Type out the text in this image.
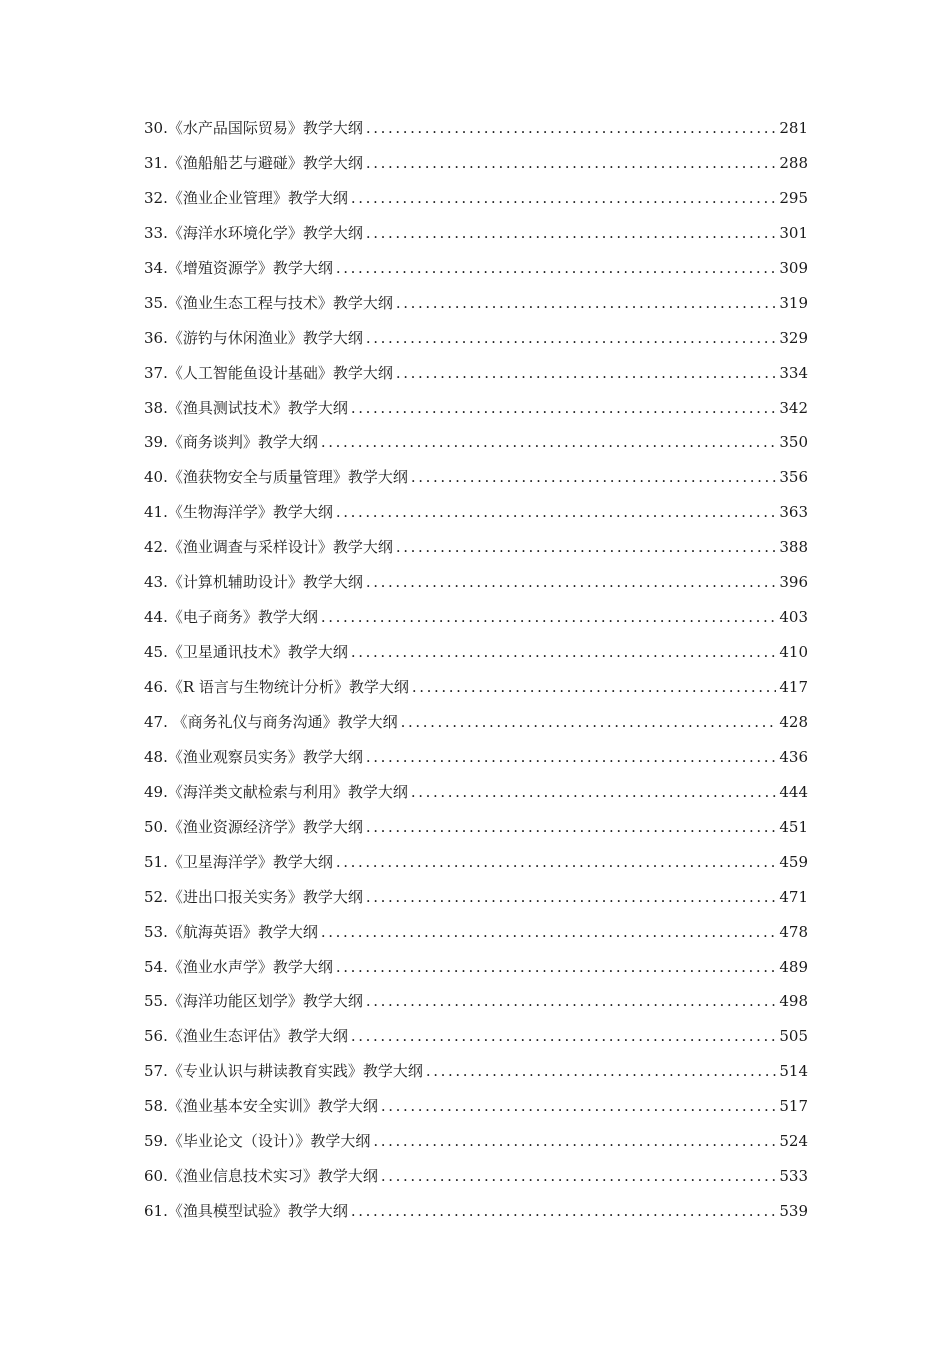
30.《水产品国际贸易》教学大纲 .....	281
31.《渔船船艺与避碰》教学大纲 .....	288
32.《渔业企业管理》教学大纲 .....	295
33.《海洋水环境化学》教学大纲 .....	301
34.《增殖资源学》教学大纲 .....	309
35.《渔业生态工程与技术》教学大纲 .....	319
36.《游钓与休闲渔业》教学大纲 .....	329
37.《人工智能鱼设计基础》教学大纲 .....	334
38.《渔具测试技术》教学大纲 .....	342
39.《商务谈判》教学大纲 .....	350
40.《渔获物安全与质量管理》教学大纲 .....	356
41.《生物海洋学》教学大纲 .....	363
42.《渔业调查与采样设计》教学大纲 .....	388
43.《计算机辅助设计》教学大纲 .....	396
44.《电子商务》教学大纲 .....	403
45.《卫星通讯技术》教学大纲 .....	410
46.《R 语言与生物统计分析》教学大纲 .....	417
47. 《商务礼仪与商务沟通》教学大纲 .....	428
48.《渔业观察员实务》教学大纲 .....	436
49.《海洋类文献检索与利用》教学大纲 .....	444
50.《渔业资源经济学》教学大纲 .....	451
51.《卫星海洋学》教学大纲 .....	459
52.《进出口报关实务》教学大纲 .....	471
53.《航海英语》教学大纲 .....	478
54.《渔业水声学》教学大纲 .....	489
55.《海洋功能区划学》教学大纲 .....	498
56.《渔业生态评估》教学大纲 .....	505
57.《专业认识与耕读教育实践》教学大纲 .....	514
58.《渔业基本安全实训》教学大纲 .....	517
59.《毕业论文（设计）》教学大纲 .....	524
60.《渔业信息技术实习》教学大纲 .....	533
61.《渔具模型试验》教学大纲 .....	539
